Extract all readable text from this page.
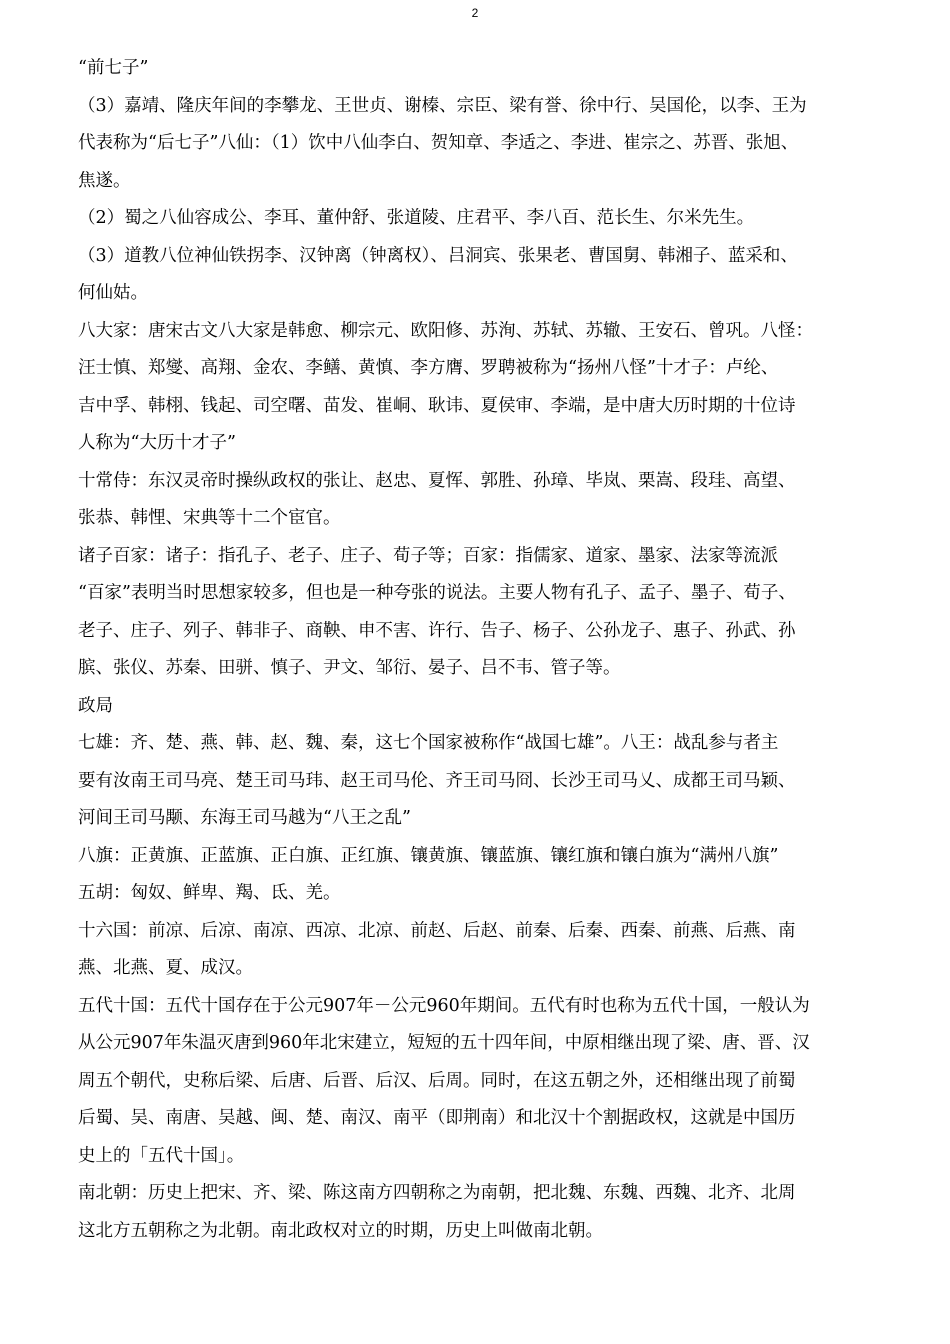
2

“前七子”
（3）嘉靖、隆庆年间的李攀龙、王世贞、谢榛、宗臣、梁有誉、徐中行、吴国伦，以李、王为
代表称为“后七子”八仙：（1）饮中八仙李白、贺知章、李适之、李进、崔宗之、苏晋、张旭、
焦遂。
（2）蜀之八仙容成公、李耳、董仲舒、张道陵、庄君平、李八百、范长生、尔米先生。
（3）道教八位神仙铁拐李、汉钟离（钟离权）、吕洞宾、张果老、曹国舅、韩湘子、蓝采和、
何仙姑。
八大家：唐宋古文八大家是韩愈、柳宗元、欧阳修、苏洵、苏轼、苏辙、王安石、曾巩。八怪：
汪士慎、郑燮、高翔、金农、李鳝、黄慎、李方膺、罗聘被称为“扬州八怪”十才子：卢纶、
吉中孚、韩栩、钱起、司空曙、苗发、崔峒、耿讳、夏侯审、李端，是中唐大历时期的十位诗
人称为“大历十才子”
十常侍：东汉灵帝时操纵政权的张让、赵忠、夏恽、郭胜、孙璋、毕岚、栗嵩、段珪、高望、
张恭、韩悝、宋典等十二个宦官。
诸子百家：诸子：指孔子、老子、庄子、荀子等；百家：指儒家、道家、墨家、法家等流派
“百家”表明当时思想家较多，但也是一种夸张的说法。主要人物有孔子、孟子、墨子、荀子、
老子、庄子、列子、韩非子、商鞅、申不害、许行、告子、杨子、公孙龙子、惠子、孙武、孙
膑、张仪、苏秦、田骈、慎子、尹文、邹衍、晏子、吕不韦、管子等。
政局
七雄：齐、楚、燕、韩、赵、魏、秦，这七个国家被称作“战国七雄”。八王：战乱参与者主
要有汝南王司马亮、楚王司马玮、赵王司马伦、齐王司马冏、长沙王司马乂、成都王司马颖、
河间王司马颙、东海王司马越为“八王之乱”
八旗：正黄旗、正蓝旗、正白旗、正红旗、镶黄旗、镶蓝旗、镶红旗和镶白旗为“满州八旗”
五胡：匈奴、鲜卑、羯、氐、羌。
十六国：前凉、后凉、南凉、西凉、北凉、前赵、后赵、前秦、后秦、西秦、前燕、后燕、南
燕、北燕、夏、成汉。
五代十国：五代十国存在于公元907年－公元960年期间。五代有时也称为五代十国，一般认为
从公元907年朱温灭唐到960年北宋建立，短短的五十四年间，中原相继出现了梁、唐、晋、汉
周五个朝代，史称后梁、后唐、后晋、后汉、后周。同时，在这五朝之外，还相继出现了前蜀
后蜀、吴、南唐、吴越、闽、楚、南汉、南平（即荆南）和北汉十个割据政权，这就是中国历
史上的「五代十国」。
南北朝：历史上把宋、齐、梁、陈这南方四朝称之为南朝，把北魏、东魏、西魏、北齐、北周
这北方五朝称之为北朝。南北政权对立的时期，历史上叫做南北朝。
